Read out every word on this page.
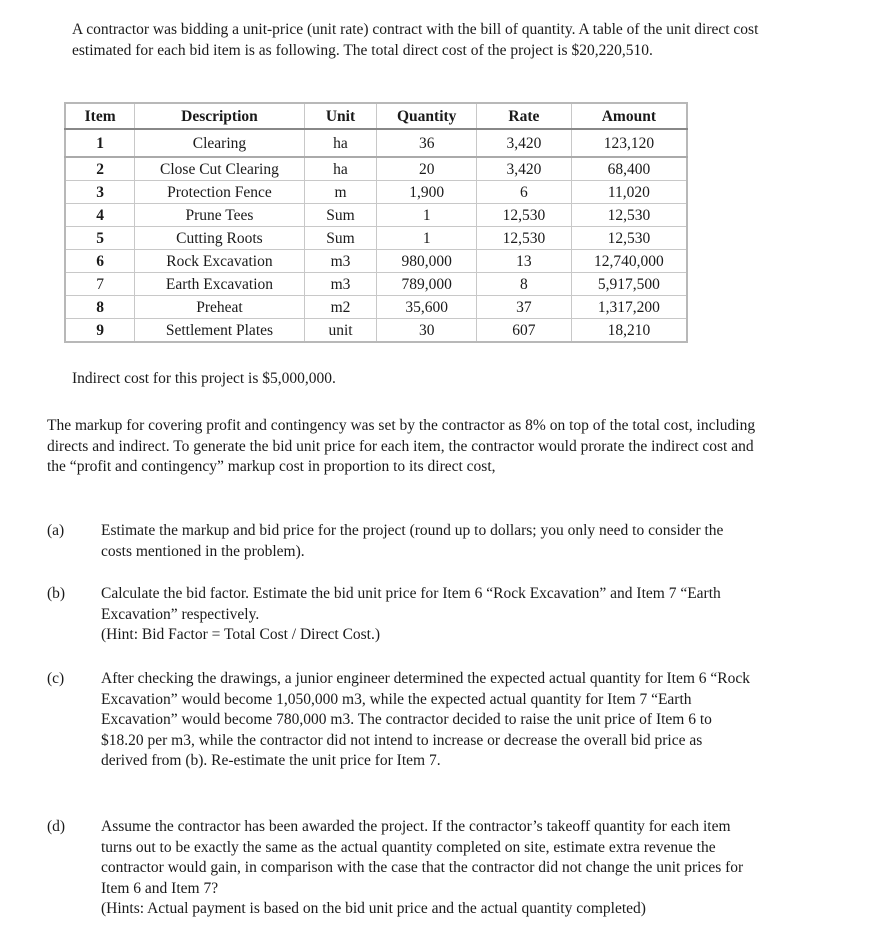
A contractor was bidding a unit-price (unit rate) contract with the bill of quantity. A table of the unit direct cost estimated for each bid item is as following. The total direct cost of the project is $20,220,510.

Item	Description	Unit	Quantity	Rate	Amount
1	Clearing	ha	36	3,420	123,120
2	Close Cut Clearing	ha	20	3,420	68,400
3	Protection Fence	m	1,900	6	11,020
4	Prune Tees	Sum	1	12,530	12,530
5	Cutting Roots	Sum	1	12,530	12,530
6	Rock Excavation	m3	980,000	13	12,740,000
7	Earth Excavation	m3	789,000	8	5,917,500
8	Preheat	m2	35,600	37	1,317,200
9	Settlement Plates	unit	30	607	18,210

Indirect cost for this project is $5,000,000.

The markup for covering profit and contingency was set by the contractor as 8% on top of the total cost, including directs and indirect. To generate the bid unit price for each item, the contractor would prorate the indirect cost and the “profit and contingency” markup cost in proportion to its direct cost,

(a) Estimate the markup and bid price for the project (round up to dollars; you only need to consider the costs mentioned in the problem).
(b) Calculate the bid factor. Estimate the bid unit price for Item 6 “Rock Excavation” and Item 7 “Earth Excavation” respectively.
(Hint: Bid Factor = Total Cost / Direct Cost.)
(c) After checking the drawings, a junior engineer determined the expected actual quantity for Item 6 “Rock Excavation” would become 1,050,000 m3, while the expected actual quantity for Item 7 “Earth Excavation” would become 780,000 m3. The contractor decided to raise the unit price of Item 6 to $18.20 per m3, while the contractor did not intend to increase or decrease the overall bid price as derived from (b). Re-estimate the unit price for Item 7.
(d) Assume the contractor has been awarded the project. If the contractor’s takeoff quantity for each item turns out to be exactly the same as the actual quantity completed on site, estimate extra revenue the contractor would gain, in comparison with the case that the contractor did not change the unit prices for Item 6 and Item 7?
(Hints: Actual payment is based on the bid unit price and the actual quantity completed)
